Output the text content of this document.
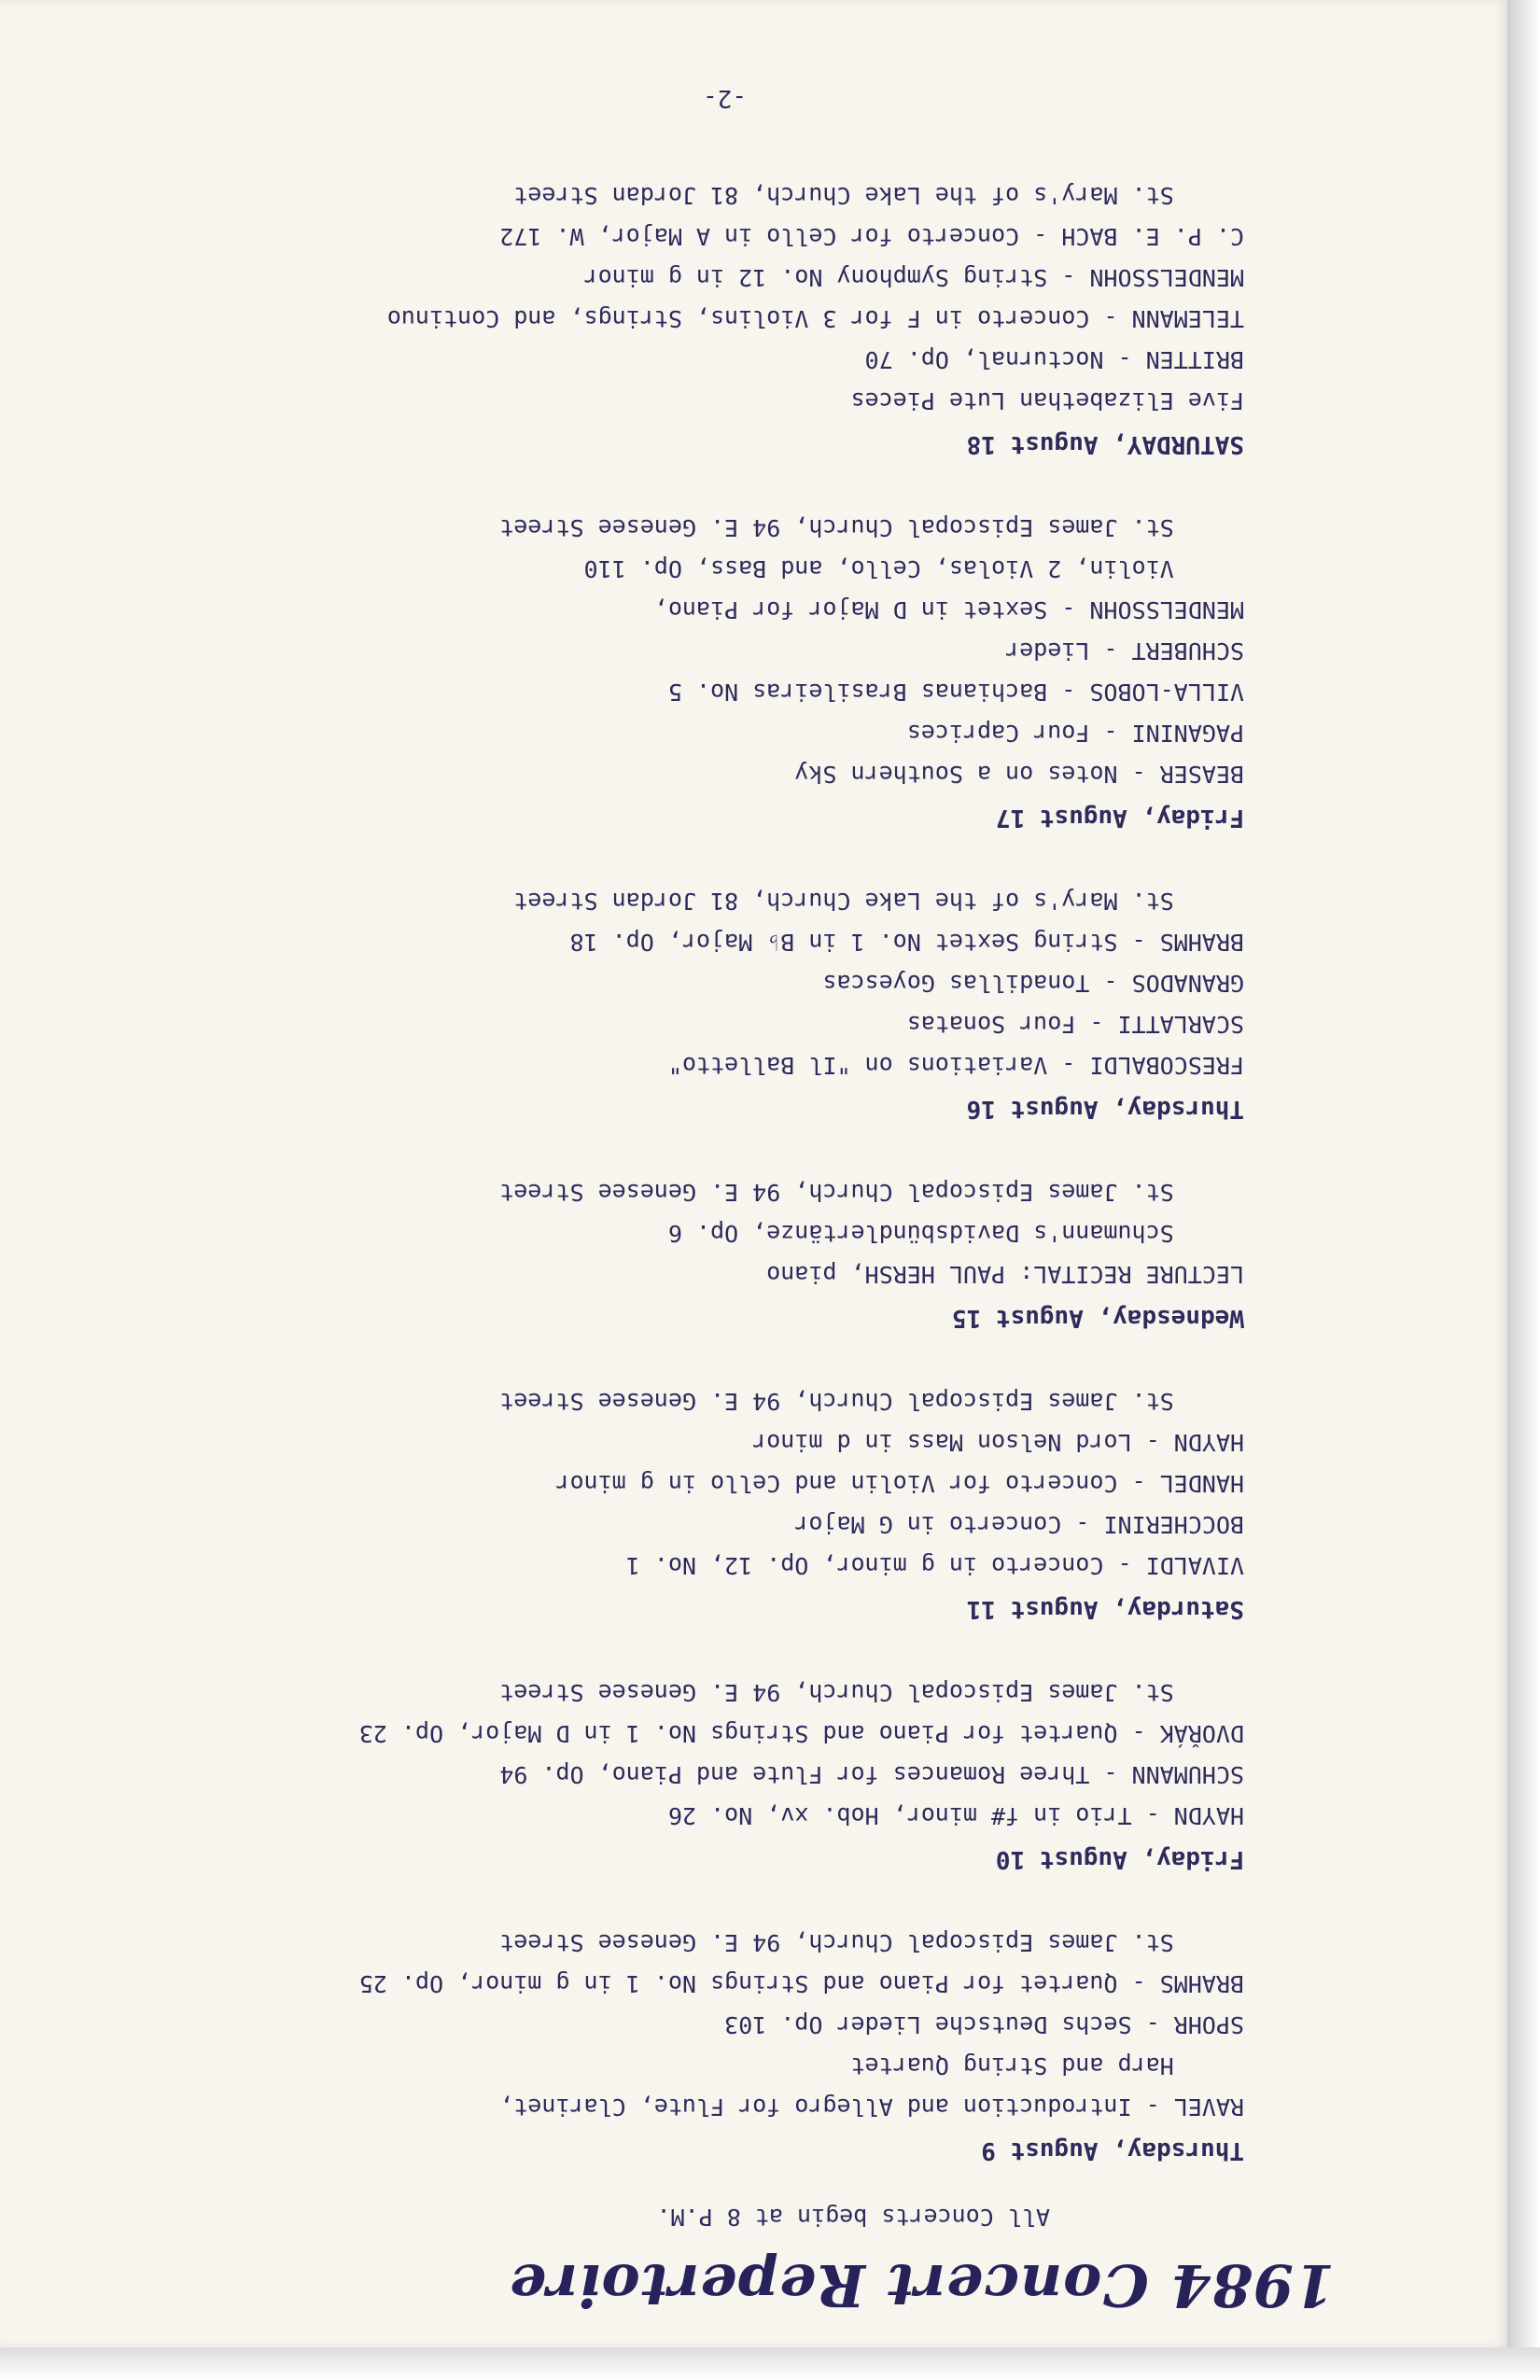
1984 Concert Repertoire
All Concerts begin at 8 P.M.
Thursday, August 9
RAVEL - Introduction and Allegro for Flute, Clarinet,
Harp and String Quartet
SPOHR - Sechs Deutsche Lieder Op. 103
BRAHMS - Quartet for Piano and Strings No. 1 in g minor, Op. 25
St. James Episcopal Church, 94 E. Genesee Street
Friday, August 10
HAYDN - Trio in f# minor, Hob. xv, No. 26
SCHUMANN - Three Romances for Flute and Piano, Op. 94
DVOŘÁK - Quartet for Piano and Strings No. 1 in D Major, Op. 23
St. James Episcopal Church, 94 E. Genesee Street
Saturday, August 11
VIVALDI - Concerto in g minor, Op. 12, No. 1
BOCCHERINI - Concerto in G Major
HANDEL - Concerto for Violin and Cello in g minor
HAYDN - Lord Nelson Mass in d minor
St. James Episcopal Church, 94 E. Genesee Street
Wednesday, August 15
LECTURE RECITAL: PAUL HERSH, piano
Schumann's Davidsbündlertänze, Op. 6
St. James Episcopal Church, 94 E. Genesee Street
Thursday, August 16
FRESCOBALDI - Variations on "Il Balletto"
SCARLATTI - Four Sonatas
GRANADOS - Tonadillas Goyescas
BRAHMS - String Sextet No. 1 in B♭ Major, Op. 18
St. Mary's of the Lake Church, 81 Jordan Street
Friday, August 17
BEASER - Notes on a Southern Sky
PAGANINI - Four Caprices
VILLA-LOBOS - Bachianas Brasileiras No. 5
SCHUBERT - Lieder
MENDELSSOHN - Sextet in D Major for Piano,
Violin, 2 Violas, Cello, and Bass, Op. 110
St. James Episcopal Church, 94 E. Genesee Street
SATURDAY, August 18
Five Elizabethan Lute Pieces
BRITTEN - Nocturnal, Op. 70
TELEMANN - Concerto in F for 3 Violins, Strings, and Continuo
MENDELSSOHN - String Symphony No. 12 in g minor
C. P. E. BACH - Concerto for Cello in A Major, W. 172
St. Mary's of the Lake Church, 81 Jordan Street
-2-
